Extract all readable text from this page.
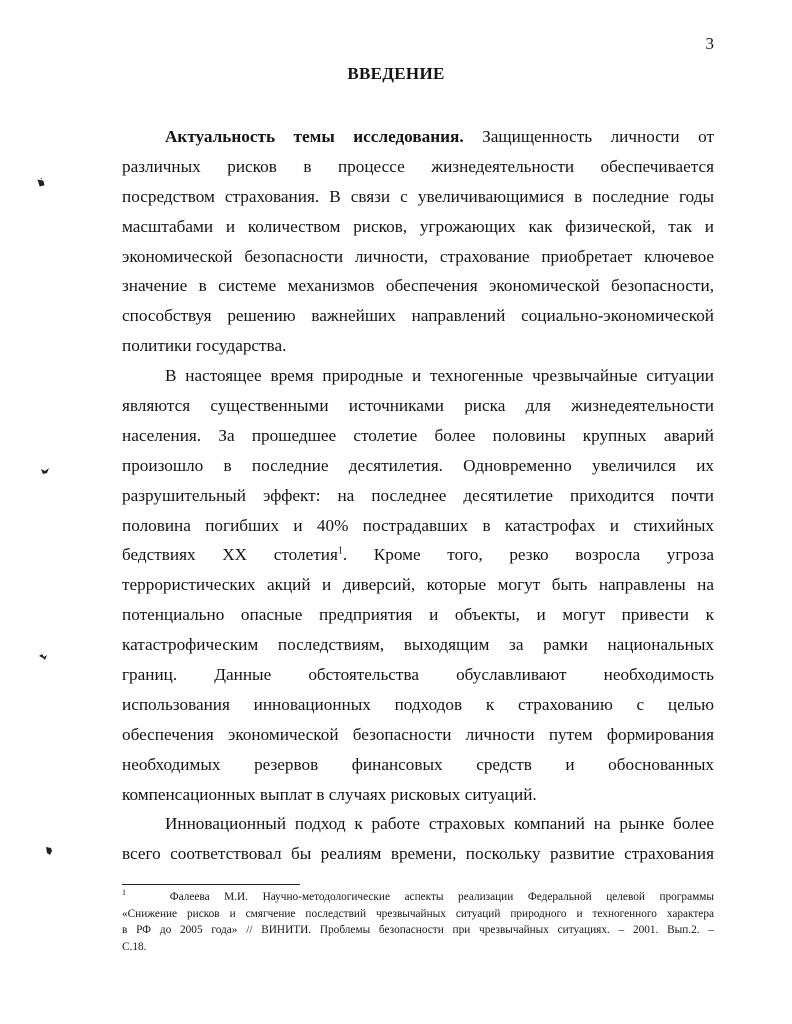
3
ВВЕДЕНИЕ
Актуальность темы исследования. Защищенность личности от
различных рисков в процессе жизнедеятельности обеспечивается
посредством страхования. В связи с увеличивающимися в последние годы
масштабами и количеством рисков, угрожающих как физической, так и
экономической безопасности личности, страхование приобретает ключевое
значение в системе механизмов обеспечения экономической безопасности,
способствуя решению важнейших направлений социально-экономической
политики государства.
В настоящее время природные и техногенные чрезвычайные ситуации
являются существенными источниками риска для жизнедеятельности
населения. За прошедшее столетие более половины крупных аварий
произошло в последние десятилетия. Одновременно увеличился их
разрушительный эффект: на последнее десятилетие приходится почти
половина погибших и 40% пострадавших в катастрофах и стихийных
бедствиях XX столетия$^1$. Кроме того, резко возросла угроза
террористических акций и диверсий, которые могут быть направлены на
потенциально опасные предприятия и объекты, и могут привести к
катастрофическим последствиям, выходящим за рамки национальных
границ. Данные обстоятельства обуславливают необходимость
использования инновационных подходов к страхованию с целью
обеспечения экономической безопасности личности путем формирования
необходимых резервов финансовых средств и обоснованных
компенсационных выплат в случаях рисковых ситуаций.
Инновационный подход к работе страховых компаний на рынке более
всего соответствовал бы реалиям времени, поскольку развитие страхования
$^1$	Фалеева М.И. Научно-методологические аспекты реализации Федеральной целевой программы
«Снижение рисков и смягчение последствий чрезвычайных ситуаций природного и техногенного характера
в РФ до 2005 года» // ВИНИТИ. Проблемы безопасности при чрезвычайных ситуациях. – 2001. Вып.2. –
С.18.
